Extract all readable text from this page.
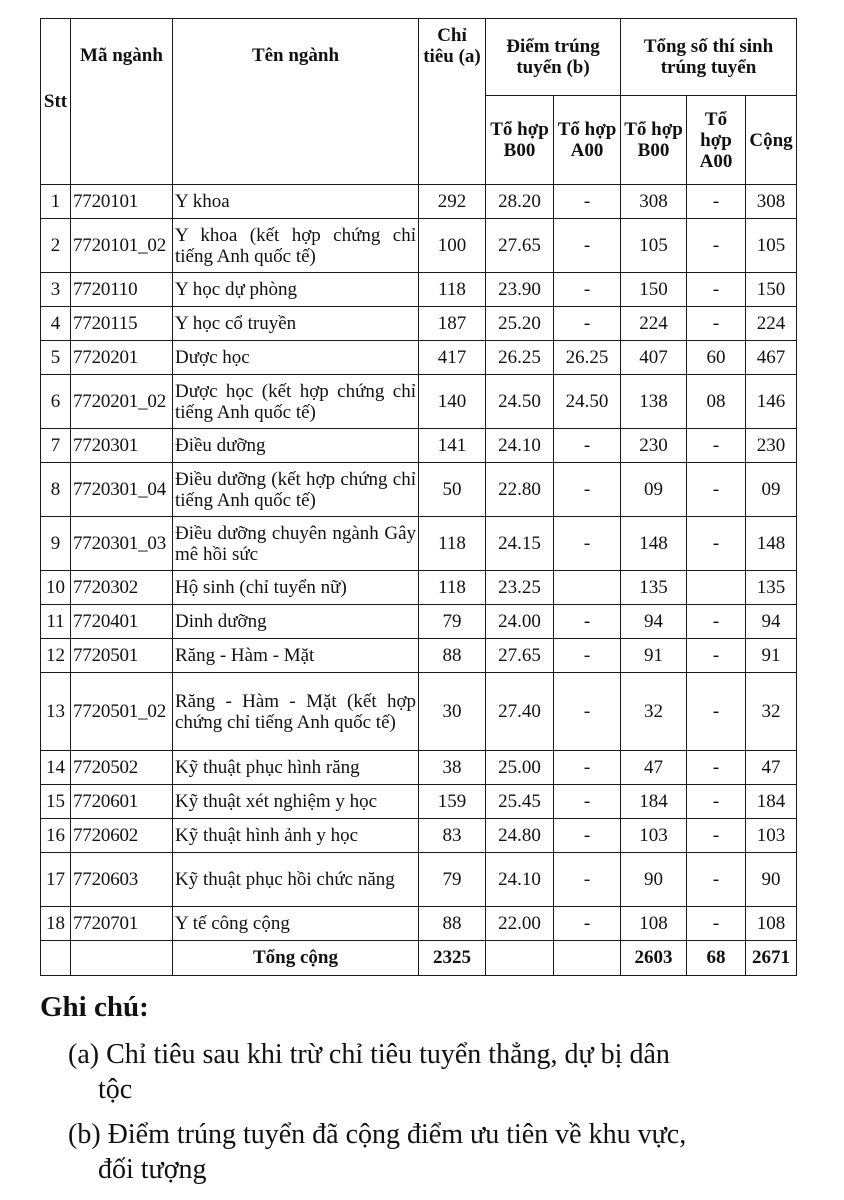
Stt	Mã ngành	Tên ngành	Chỉ tiêu (a)	Điểm trúng tuyển (b)		Tổng số thí sinh trúng tuyển		
				Tổ hợp B00	Tổ hợp A00	Tổ hợp B00	Tổ hợp A00	Cộng
1	7720101	Y khoa	292	28.20	-	308	-	308
2	7720101_02	Y khoa (kết hợp chứng chỉ tiếng Anh quốc tế)	100	27.65	-	105	-	105
3	7720110	Y học dự phòng	118	23.90	-	150	-	150
4	7720115	Y học cổ truyền	187	25.20	-	224	-	224
5	7720201	Dược học	417	26.25	26.25	407	60	467
6	7720201_02	Dược học (kết hợp chứng chỉ tiếng Anh quốc tế)	140	24.50	24.50	138	08	146
7	7720301	Điều dưỡng	141	24.10	-	230	-	230
8	7720301_04	Điều dưỡng (kết hợp chứng chỉ tiếng Anh quốc tế)	50	22.80	-	09	-	09
9	7720301_03	Điều dưỡng chuyên ngành Gây mê hồi sức	118	24.15	-	148	-	148
10	7720302	Hộ sinh (chỉ tuyển nữ)	118	23.25		135		135
11	7720401	Dinh dưỡng	79	24.00	-	94	-	94
12	7720501	Răng - Hàm - Mặt	88	27.65	-	91	-	91
13	7720501_02	Răng - Hàm - Mặt (kết hợp chứng chỉ tiếng Anh quốc tế)	30	27.40	-	32	-	32
14	7720502	Kỹ thuật phục hình răng	38	25.00	-	47	-	47
15	7720601	Kỹ thuật xét nghiệm y học	159	25.45	-	184	-	184
16	7720602	Kỹ thuật hình ảnh y học	83	24.80	-	103	-	103
17	7720603	Kỹ thuật phục hồi chức năng	79	24.10	-	90	-	90
18	7720701	Y tế công cộng	88	22.00	-	108	-	108
		Tổng cộng	2325			2603	68	2671
Ghi chú:
(a) Chỉ tiêu sau khi trừ chỉ tiêu tuyển thẳng, dự bị dân
tộc
(b) Điểm trúng tuyển đã cộng điểm ưu tiên về khu vực,
đối tượng
